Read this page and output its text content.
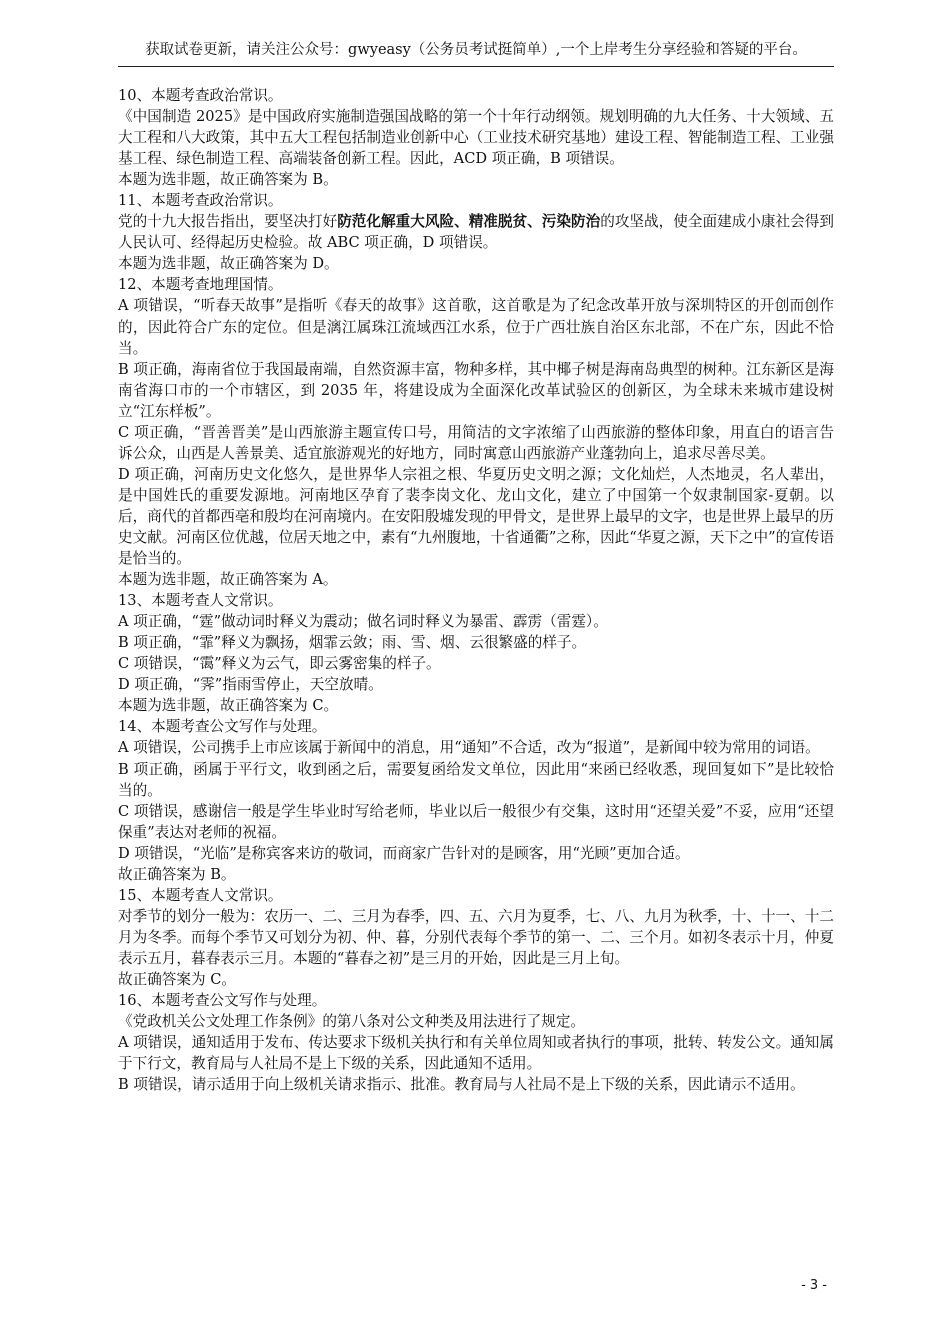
获取试卷更新，请关注公众号：gwyeasy（公务员考试挺简单）,一个上岸考生分享经验和答疑的平台。

10、本题考查政治常识。

《中国制造 2025》是中国政府实施制造强国战略的第一个十年行动纲领。规划明确的九大任务、十大领域、五大工程和八大政策，其中五大工程包括制造业创新中心（工业技术研究基地）建设工程、智能制造工程、工业强基工程、绿色制造工程、高端装备创新工程。因此，ACD 项正确，B 项错误。

本题为选非题，故正确答案为 B。

11、本题考查政治常识。

党的十九大报告指出，要坚决打好防范化解重大风险、精准脱贫、污染防治的攻坚战，使全面建成小康社会得到人民认可、经得起历史检验。故 ABC 项正确，D 项错误。

本题为选非题，故正确答案为 D。

12、本题考查地理国情。

A 项错误，“听春天故事”是指听《春天的故事》这首歌，这首歌是为了纪念改革开放与深圳特区的开创而创作的，因此符合广东的定位。但是漓江属珠江流域西江水系，位于广西壮族自治区东北部，不在广东，因此不恰当。

B 项正确，海南省位于我国最南端，自然资源丰富，物种多样，其中椰子树是海南岛典型的树种。江东新区是海南省海口市的一个市辖区，到 2035 年，将建设成为全面深化改革试验区的创新区，为全球未来城市建设树立“江东样板”。

C 项正确，“晋善晋美”是山西旅游主题宣传口号，用简洁的文字浓缩了山西旅游的整体印象，用直白的语言告诉公众，山西是人善景美、适宜旅游观光的好地方，同时寓意山西旅游产业蓬勃向上，追求尽善尽美。

D 项正确，河南历史文化悠久，是世界华人宗祖之根、华夏历史文明之源；文化灿烂，人杰地灵，名人辈出，是中国姓氏的重要发源地。河南地区孕育了裴李岗文化、龙山文化，建立了中国第一个奴隶制国家-夏朝。以后，商代的首都西亳和殷均在河南境内。在安阳殷墟发现的甲骨文，是世界上最早的文字，也是世界上最早的历史文献。河南区位优越，位居天地之中，素有“九州腹地，十省通衢”之称，因此“华夏之源，天下之中”的宣传语是恰当的。

本题为选非题，故正确答案为 A。

13、本题考查人文常识。

A 项正确，“霆”做动词时释义为震动；做名词时释义为暴雷、霹雳（雷霆）。

B 项正确，“霏”释义为飘扬，烟霏云敛；雨、雪、烟、云很繁盛的样子。

C 项错误，“霭”释义为云气，即云雾密集的样子。

D 项正确，“霁”指雨雪停止，天空放晴。

本题为选非题，故正确答案为 C。

14、本题考查公文写作与处理。

A 项错误，公司携手上市应该属于新闻中的消息，用“通知”不合适，改为“报道”，是新闻中较为常用的词语。

B 项正确，函属于平行文，收到函之后，需要复函给发文单位，因此用“来函已经收悉，现回复如下”是比较恰当的。

C 项错误，感谢信一般是学生毕业时写给老师，毕业以后一般很少有交集，这时用“还望关爱”不妥，应用“还望保重”表达对老师的祝福。

D 项错误，“光临”是称宾客来访的敬词，而商家广告针对的是顾客，用“光顾”更加合适。

故正确答案为 B。

15、本题考查人文常识。

对季节的划分一般为：农历一、二、三月为春季，四、五、六月为夏季，七、八、九月为秋季，十、十一、十二月为冬季。而每个季节又可划分为初、仲、暮，分别代表每个季节的第一、二、三个月。如初冬表示十月，仲夏表示五月，暮春表示三月。本题的“暮春之初”是三月的开始，因此是三月上旬。

故正确答案为 C。

16、本题考查公文写作与处理。

《党政机关公文处理工作条例》的第八条对公文种类及用法进行了规定。

A 项错误，通知适用于发布、传达要求下级机关执行和有关单位周知或者执行的事项，批转、转发公文。通知属于下行文，教育局与人社局不是上下级的关系，因此通知不适用。

B 项错误，请示适用于向上级机关请求指示、批准。教育局与人社局不是上下级的关系，因此请示不适用。

- 3 -
